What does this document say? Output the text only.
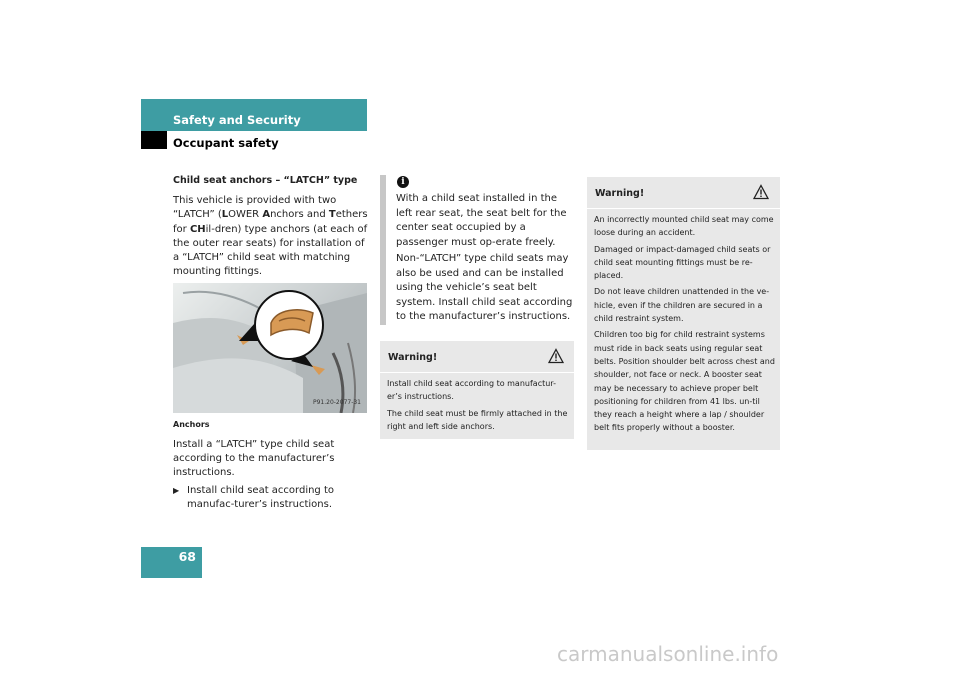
Safety and Security
Occupant safety
Child seat anchors – “LATCH” type

This vehicle is provided with two “LATCH” (LOWER Anchors and Tethers for CHil-dren) type anchors (at each of the outer rear seats) for installation of a “LATCH” child seat with matching mounting fittings.

P91.20-2077-31
Anchors

Install a “LATCH” type child seat according to the manufacturer’s instructions.

▶ Install child seat according to manufac-turer’s instructions.
i

With a child seat installed in the left rear seat, the seat belt for the center seat occupied by a passenger must op-erate freely.

Non-“LATCH” type child seats may also be used and can be installed using the vehicle’s seat belt system. Install child seat according to the manufacturer’s instructions.

Warning!

Install child seat according to manufactur-er’s instructions.

The child seat must be firmly attached in the right and left side anchors.

Warning!

An incorrectly mounted child seat may come loose during an accident.

Damaged or impact-damaged child seats or child seat mounting fittings must be re-placed.

Do not leave children unattended in the ve-hicle, even if the children are secured in a child restraint system.

Children too big for child restraint systems must ride in back seats using regular seat belts. Position shoulder belt across chest and shoulder, not face or neck. A booster seat may be necessary to achieve proper belt positioning for children from 41 lbs. un-til they reach a height where a lap / shoulder belt fits properly without a booster.

68
carmanualsonline.info
